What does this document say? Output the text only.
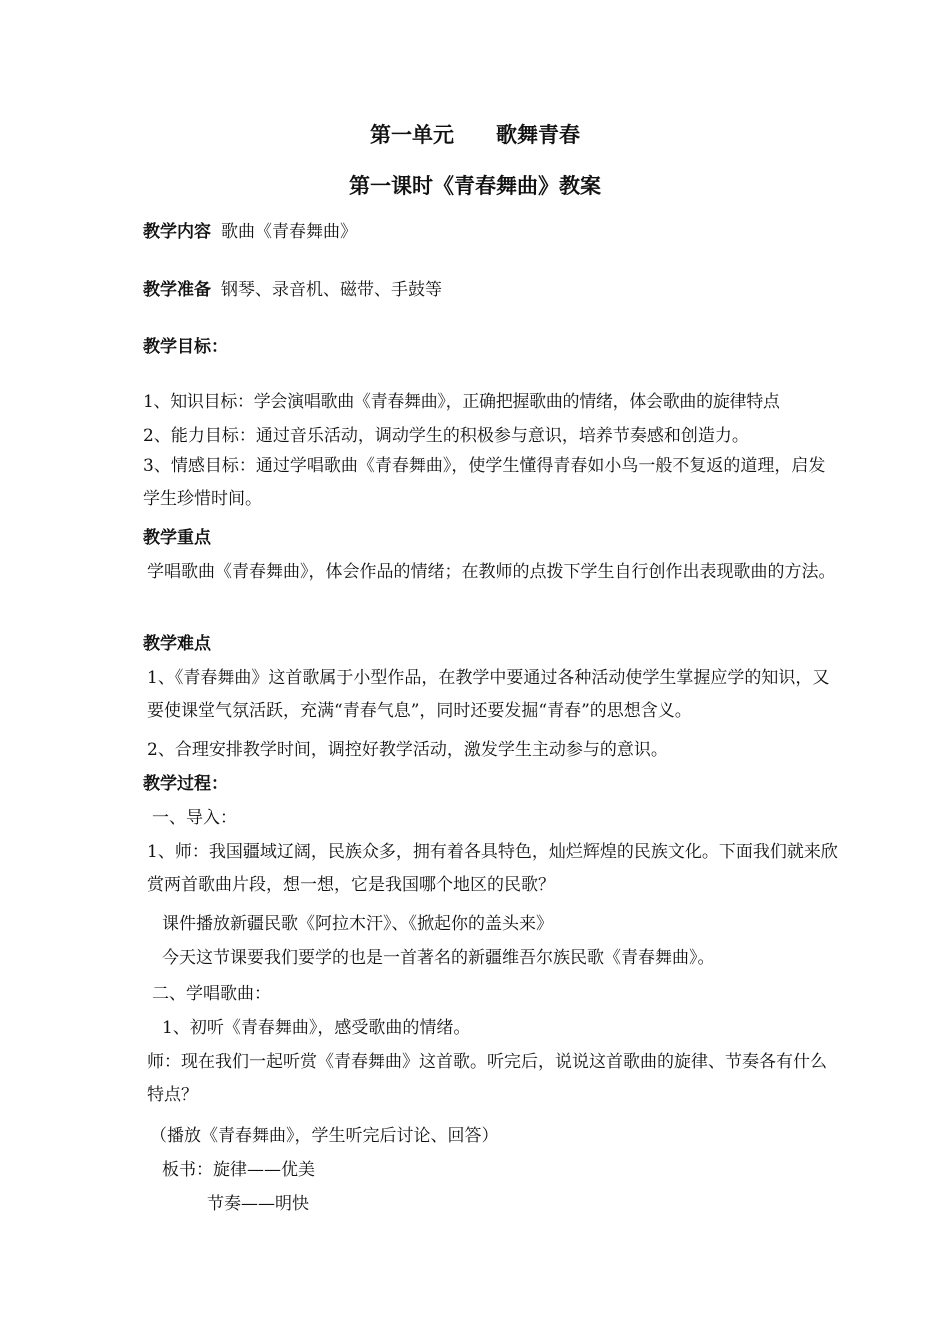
第一单元　　歌舞青春
第一课时《青春舞曲》教案
教学内容 歌曲《青春舞曲》
教学准备 钢琴、录音机、磁带、手鼓等
教学目标：
1、知识目标：学会演唱歌曲《青春舞曲》，正确把握歌曲的情绪，体会歌曲的旋律特点
2、能力目标：通过音乐活动，调动学生的积极参与意识，培养节奏感和创造力。
3、情感目标：通过学唱歌曲《青春舞曲》，使学生懂得青春如小鸟一般不复返的道理，启发学生珍惜时间。
教学重点
学唱歌曲《青春舞曲》，体会作品的情绪；在教师的点拨下学生自行创作出表现歌曲的方法。
教学难点
1、《青春舞曲》这首歌属于小型作品，在教学中要通过各种活动使学生掌握应学的知识，又要使课堂气氛活跃，充满“青春气息”，同时还要发掘“青春”的思想含义。
2、合理安排教学时间，调控好教学活动，激发学生主动参与的意识。
教学过程：
一、导入：
1、师：我国疆域辽阔，民族众多，拥有着各具特色，灿烂辉煌的民族文化。下面我们就来欣赏两首歌曲片段，想一想，它是我国哪个地区的民歌？
课件播放新疆民歌《阿拉木汗》、《掀起你的盖头来》
今天这节课要我们要学的也是一首著名的新疆维吾尔族民歌《青春舞曲》。
二、学唱歌曲：
1、初听《青春舞曲》，感受歌曲的情绪。
师：现在我们一起听赏《青春舞曲》这首歌。听完后，说说这首歌曲的旋律、节奏各有什么特点？
（播放《青春舞曲》，学生听完后讨论、回答）
板书：旋律——优美
节奏——明快
